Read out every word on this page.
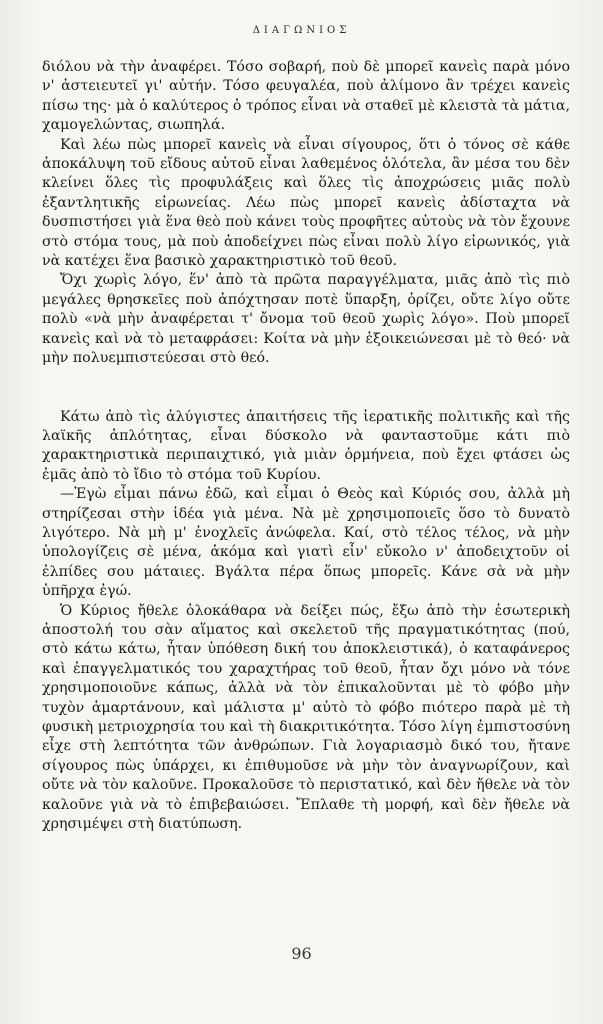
ΔΙΑΓΩΝΙΟΣ

διόλου νὰ τὴν ἀναφέρει. Τόσο σοβαρή, ποὺ δὲ μπορεῖ κανεὶς παρὰ μόνο ν' ἀστειευτεῖ γι' αὐτήν. Τόσο φευγαλέα, ποὺ ἀλίμονο ἂν τρέχει κανεὶς πίσω της· μὰ ὁ καλύτερος ὁ τρόπος εἶναι νὰ σταθεῖ μὲ κλειστὰ τὰ μάτια, χαμογελώντας, σιωπηλά.

Καὶ λέω πὼς μπορεῖ κανεὶς νὰ εἶναι σίγουρος, ὅτι ὁ τόνος σὲ κάθε ἀποκάλυψη τοῦ εἴδους αὐτοῦ εἶναι λαθεμένος ὁλότελα, ἂν μέσα του δὲν κλείνει ὅλες τὶς προφυλάξεις καὶ ὅλες τὶς ἀποχρώσεις μιᾶς πολὺ ἐξαντλητικῆς εἰρωνείας. Λέω πὼς μπορεῖ κανεὶς ἀδίσταχτα νὰ δυσπιστήσει γιὰ ἕνα θεὸ ποὺ κάνει τοὺς προφῆτες αὐτοὺς νὰ τὸν ἔχουνε στὸ στόμα τους, μὰ ποὺ ἀποδείχνει πὼς εἶναι πολὺ λίγο εἰρωνικός, γιὰ νὰ κατέχει ἕνα βασικὸ χαρακτηριστικὸ τοῦ θεοῦ.

Ὄχι χωρὶς λόγο, ἕν' ἀπὸ τὰ πρῶτα παραγγέλματα, μιᾶς ἀπὸ τὶς πιὸ μεγάλες θρησκεῖες ποὺ ἀπόχτησαν ποτὲ ὕπαρξη, ὁρίζει, οὔτε λίγο οὔτε πολὺ «νὰ μὴν ἀναφέρεται τ' ὄνομα τοῦ θεοῦ χωρὶς λόγο». Ποὺ μπορεῖ κανεὶς καὶ νὰ τὸ μεταφράσει: Κοίτα νὰ μὴν ἐξοικειώνεσαι μὲ τὸ θεό· νὰ μὴν πολυεμπιστεύεσαι στὸ θεό.

Κάτω ἀπὸ τὶς ἀλύγιστες ἀπαιτήσεις τῆς ἱερατικῆς πολιτικῆς καὶ τῆς λαϊκῆς ἁπλότητας, εἶναι δύσκολο νὰ φανταστοῦμε κάτι πιὸ χαρακτηριστικὰ περιπαιχτικό, γιὰ μιὰν ὁρμήνεια, ποὺ ἔχει φτάσει ὡς ἐμᾶς ἀπὸ τὸ ἴδιο τὸ στόμα τοῦ Κυρίου.

—Ἐγὼ εἶμαι πάνω ἐδῶ, καὶ εἶμαι ὁ Θεὸς καὶ Κύριός σου, ἀλλὰ μὴ στηρίζεσαι στὴν ἰδέα γιὰ μένα. Νὰ μὲ χρησιμοποιεῖς ὅσο τὸ δυνατὸ λιγότερο. Νὰ μὴ μ' ἐνοχλεῖς ἀνώφελα. Καί, στὸ τέλος τέλος, νὰ μὴν ὑπολογίζεις σὲ μένα, ἀκόμα καὶ γιατὶ εἶν' εὔκολο ν' ἀποδειχτοῦν οἱ ἐλπίδες σου μάταιες. Βγάλτα πέρα ὅπως μπορεῖς. Κάνε σὰ νὰ μὴν ὑπῆρχα ἐγώ.

Ὁ Κύριος ἤθελε ὁλοκάθαρα νὰ δείξει πώς, ἔξω ἀπὸ τὴν ἐσωτερικὴ ἀποστολή του σὰν αἵματος καὶ σκελετοῦ τῆς πραγματικότητας (πού, στὸ κάτω κάτω, ἦταν ὑπόθεση δική του ἀποκλειστικά), ὁ καταφάνερος καὶ ἐπαγγελματικός του χαραχτήρας τοῦ θεοῦ, ἦταν ὄχι μόνο νὰ τόνε χρησιμοποιοῦνε κάπως, ἀλλὰ νὰ τὸν ἐπικαλοῦνται μὲ τὸ φόβο μὴν τυχὸν ἁμαρτάνουν, καὶ μάλιστα μ' αὐτὸ τὸ φόβο πιότερο παρὰ μὲ τὴ φυσικὴ μετριοχρησία του καὶ τὴ διακριτικότητα. Τόσο λίγη ἐμπιστοσύνη εἶχε στὴ λεπτότητα τῶν ἀνθρώπων. Γιὰ λογαριασμὸ δικό του, ἤτανε σίγουρος πὼς ὑπάρχει, κι ἐπιθυμοῦσε νὰ μὴν τὸν ἀναγνωρίζουν, καὶ οὔτε νὰ τὸν καλοῦνε. Προκαλοῦσε τὸ περιστατικό, καὶ δὲν ἤθελε νὰ τὸν καλοῦνε γιὰ νὰ τὸ ἐπιβεβαιώσει. Ἔπλαθε τὴ μορφή, καὶ δὲν ἤθελε νὰ χρησιμέψει στὴ διατύπωση.

96
